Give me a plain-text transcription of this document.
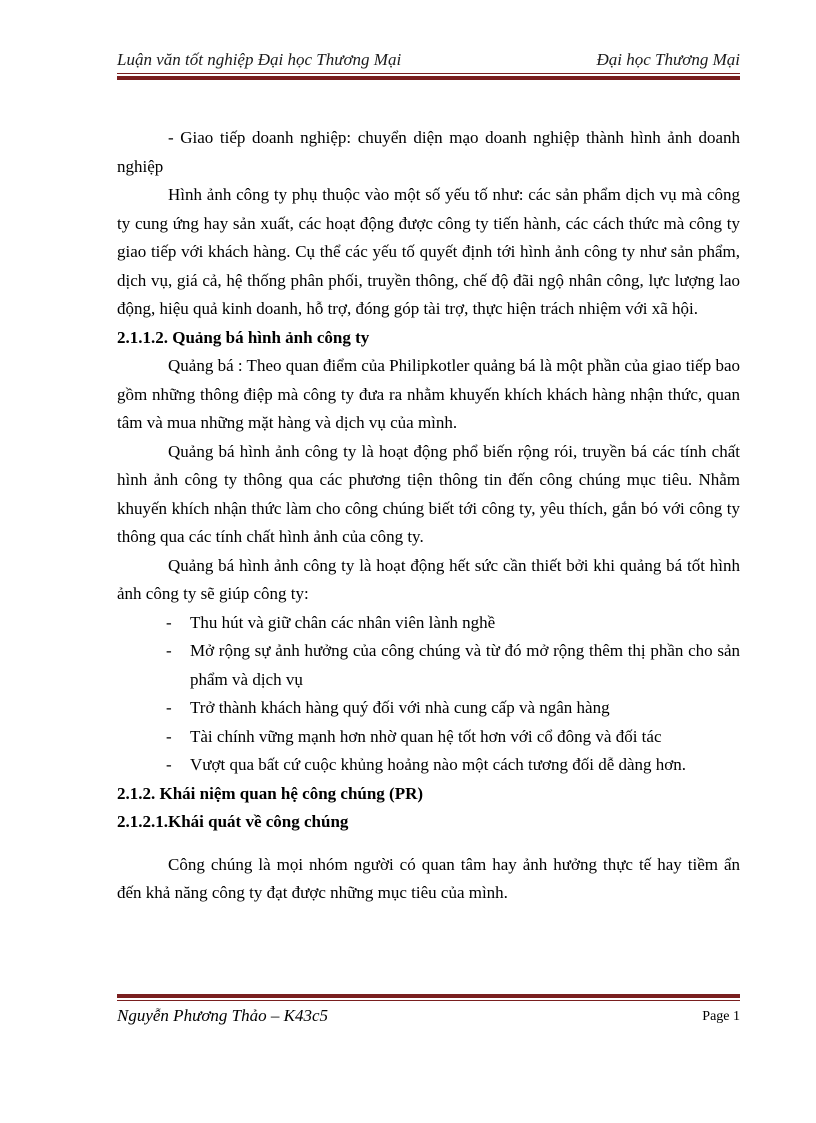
Luận văn tốt nghiệp Đại học Thương Mại	Đại học Thương Mại

- Giao tiếp doanh nghiệp: chuyển diện mạo doanh nghiệp thành hình ảnh doanh nghiệp

Hình ảnh công ty phụ thuộc vào một số yếu tố như: các sản phẩm dịch vụ mà công ty cung ứng hay sản xuất, các hoạt động được công ty tiến hành, các cách thức mà công ty giao tiếp với khách hàng. Cụ thể các yếu tố quyết định tới hình ảnh công ty như sản phẩm, dịch vụ, giá cả, hệ thống phân phối, truyền thông, chế độ đãi ngộ nhân công, lực lượng lao động, hiệu quả kinh doanh, hỗ trợ, đóng góp tài trợ, thực hiện trách nhiệm với xã hội.

2.1.1.2. Quảng bá hình ảnh công ty

Quảng bá : Theo quan điểm của Philipkotler quảng bá là một phần của giao tiếp bao gồm những thông điệp mà công ty đưa ra nhằm khuyến khích khách hàng nhận thức, quan tâm và mua những mặt hàng và dịch vụ của mình.

Quảng bá hình ảnh công ty là hoạt động phổ biến rộng rói, truyền bá các tính chất hình ảnh công ty thông qua các phương tiện thông tin đến công chúng mục tiêu. Nhằm khuyến khích nhận thức làm cho công chúng biết tới công ty, yêu thích, gắn bó với công ty thông qua các tính chất hình ảnh của công ty.

Quảng bá hình ảnh công ty là hoạt động hết sức cần thiết bởi khi quảng bá tốt hình ảnh công ty sẽ giúp công ty:

- Thu hút và giữ chân các nhân viên lành nghề
- Mở rộng sự ảnh hưởng của công chúng và từ đó mở rộng thêm thị phần cho sản phẩm và dịch vụ
- Trở thành khách hàng quý đối với nhà cung cấp và ngân hàng
- Tài chính vững mạnh hơn nhờ quan hệ tốt hơn với cổ đông và đối tác
- Vượt qua bất cứ cuộc khủng hoảng nào một cách tương đối dễ dàng hơn.

2.1.2. Khái niệm quan hệ công chúng (PR)

2.1.2.1.Khái quát về công chúng

Công chúng là mọi nhóm người có quan tâm hay ảnh hưởng thực tế hay tiềm ẩn đến khả năng công ty đạt được những mục tiêu của mình.

Nguyễn Phương Thảo – K43c5	Page 1
